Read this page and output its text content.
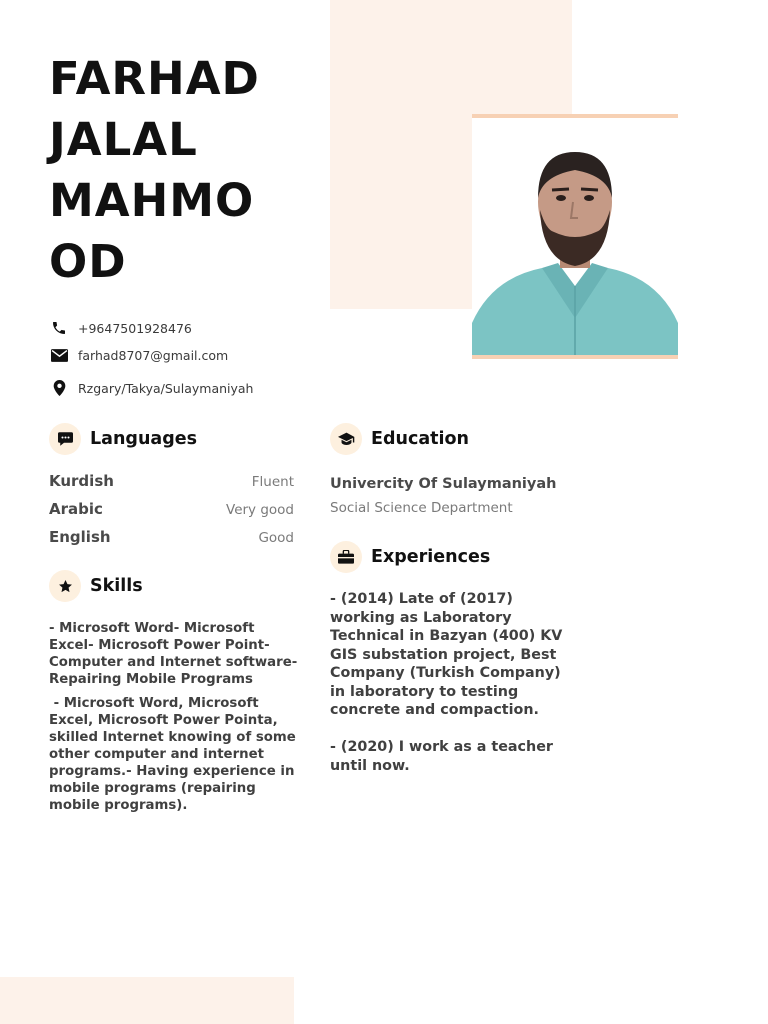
FARHAD
JALAL
MAHMO
OD
+9647501928476
farhad8707@gmail.com
Rzgary/Takya/Sulaymaniyah
Languages
Kurdish	Fluent
Arabic	Very good
English	Good
Skills

- Microsoft Word- Microsoft Excel- Microsoft Power Point-Computer and Internet software-Repairing Mobile Programs

- Microsoft Word, Microsoft Excel, Microsoft Power Pointa, skilled Internet knowing of some other computer and internet programs.- Having experience in mobile programs (repairing mobile programs).

Education
Univercity Of Sulaymaniyah
Social Science Department
Experiences

- (2014) Late of (2017) working as Laboratory Technical in Bazyan (400) KV GIS substation project, Best Company (Turkish Company) in laboratory to testing concrete and compaction.

- (2020) I work as a teacher until now.
